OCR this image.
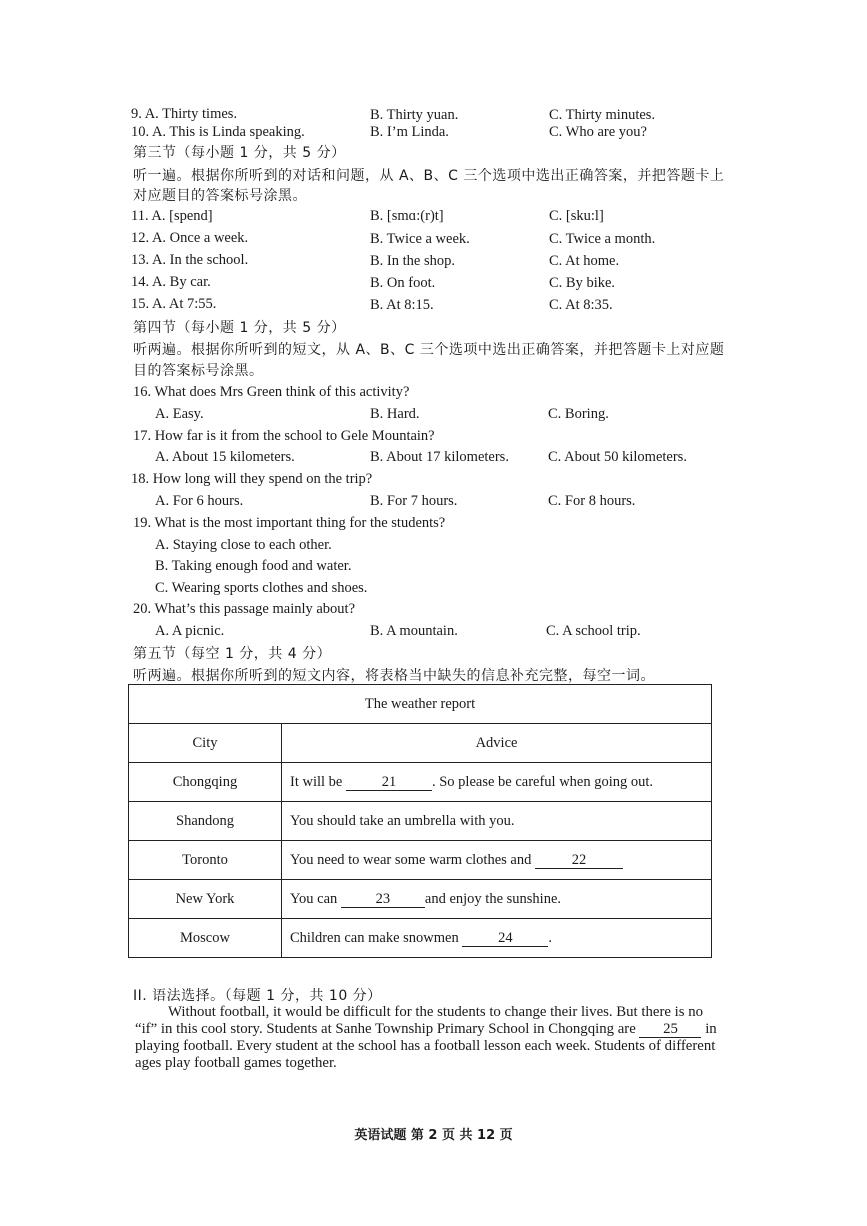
9. A. Thirty times.	B. Thirty yuan.	C. Thirty minutes.
10. A. This is Linda speaking.	B. I’m Linda.	C. Who are you?
第三节（每小题 1 分，共 5 分）
听一遍。根据你所听到的对话和问题，从 A、B、C 三个选项中选出正确答案，并把答题卡上
对应题目的答案标号涂黑。
11. A. [spend]	B. [smɑ:(r)t]	C. [sku:l]
12. A. Once a week.	B. Twice a week.	C. Twice a month.
13. A. In the school.	B. In the shop.	C. At home.
14. A. By car.	B. On foot.	C. By bike.
15. A. At 7:55.	B. At 8:15.	C. At 8:35.
第四节（每小题 1 分，共 5 分）
听两遍。根据你所听到的短文，从 A、B、C 三个选项中选出正确答案，并把答题卡上对应题
目的答案标号涂黑。
16. What does Mrs Green think of this activity?
A. Easy.	B. Hard.	C. Boring.
17. How far is it from the school to Gele Mountain?
A. About 15 kilometers.	B. About 17 kilometers.	C. About 50 kilometers.
18. How long will they spend on the trip?
A. For 6 hours.	B. For 7 hours.	C. For 8 hours.
19. What is the most important thing for the students?
A. Staying close to each other.
B. Taking enough food and water.
C. Wearing sports clothes and shoes.
20. What’s this passage mainly about?
A. A picnic.	B. A mountain.	C. A school trip.
第五节（每空 1 分，共 4 分）
听两遍。根据你所听到的短文内容，将表格当中缺失的信息补充完整，每空一词。
The weather report	
City	Advice
Chongqing	It will be 21 . So please be careful when going out.
Shandong	You should take an umbrella with you.
Toronto	You need to wear some warm clothes and 22
New York	You can 23 and enjoy the sunshine.
Moscow	Children can make snowmen 24 .
II. 语法选择。（每题 1 分，共 10 分）
Without football, it would be difficult for the students to change their lives. But there is no
“if” in this cool story. Students at Sanhe Township Primary School in Chongqing are 25 in
playing football. Every student at the school has a football lesson each week. Students of different
ages play football games together.
英语试题 第 2 页 共 12 页
